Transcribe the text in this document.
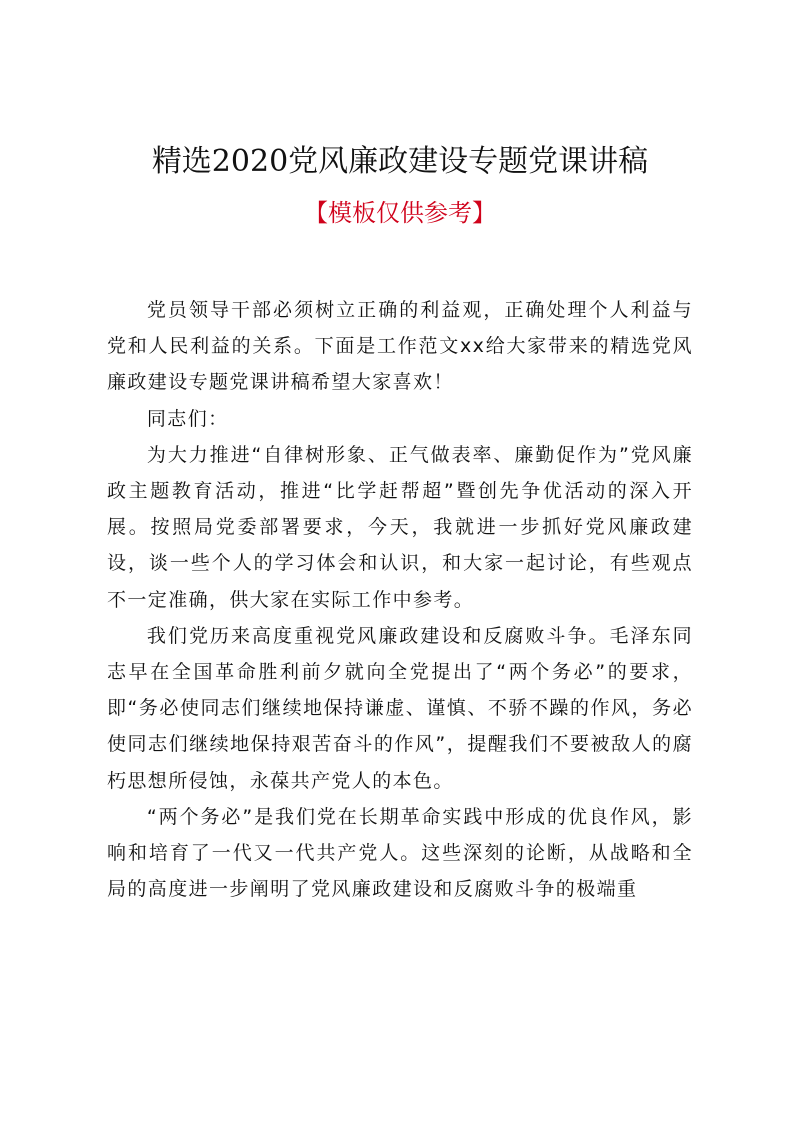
精选2020党风廉政建设专题党课讲稿
【模板仅供参考】

党员领导干部必须树立正确的利益观，正确处理个人利益与党和人民利益的关系。下面是工作范文xx给大家带来的精选党风廉政建设专题党课讲稿希望大家喜欢！

同志们：

为大力推进“自律树形象、正气做表率、廉勤促作为”党风廉政主题教育活动，推进“比学赶帮超”暨创先争优活动的深入开展。按照局党委部署要求，今天，我就进一步抓好党风廉政建设，谈一些个人的学习体会和认识，和大家一起讨论，有些观点不一定准确，供大家在实际工作中参考。

我们党历来高度重视党风廉政建设和反腐败斗争。毛泽东同志早在全国革命胜利前夕就向全党提出了“两个务必”的要求，即“务必使同志们继续地保持谦虚、谨慎、不骄不躁的作风，务必使同志们继续地保持艰苦奋斗的作风”，提醒我们不要被敌人的腐朽思想所侵蚀，永葆共产党人的本色。

“两个务必”是我们党在长期革命实践中形成的优良作风，影响和培育了一代又一代共产党人。这些深刻的论断，从战略和全局的高度进一步阐明了党风廉政建设和反腐败斗争的极端重
